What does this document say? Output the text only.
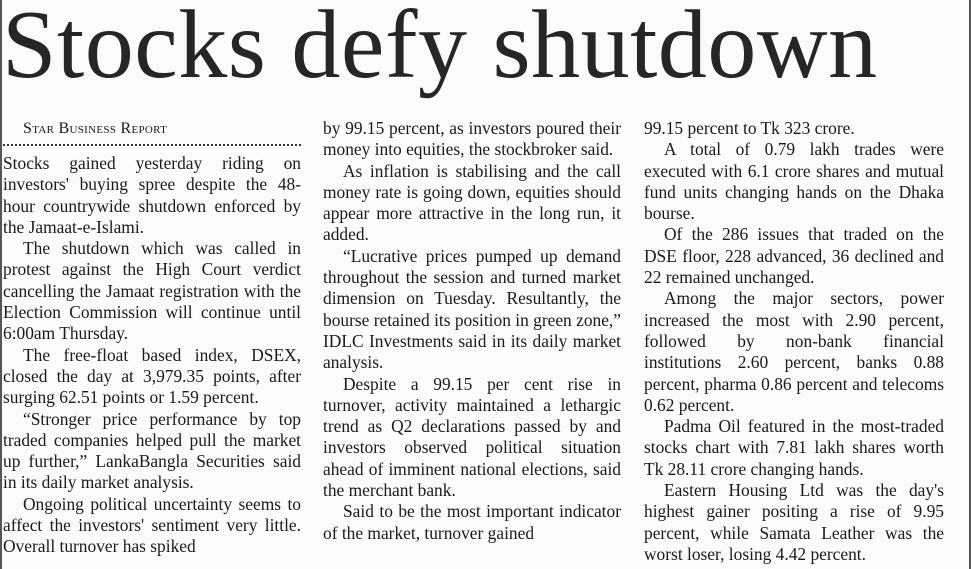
Stocks defy shutdown

Star Business Report

Stocks gained yesterday riding on investors' buying spree despite the 48-hour countrywide shutdown enforced by the Jamaat-e-Islami.

The shutdown which was called in protest against the High Court verdict cancelling the Jamaat registration with the Election Commission will continue until 6:00am Thursday.

The free-float based index, DSEX, closed the day at 3,979.35 points, after surging 62.51 points or 1.59 percent.

“Stronger price performance by top traded companies helped pull the market up further,” LankaBangla Securities said in its daily market analysis.

Ongoing political uncertainty seems to affect the investors' sentiment very little. Overall turnover has spiked

by 99.15 percent, as investors poured their money into equities, the stockbroker said.

As inflation is stabilising and the call money rate is going down, equities should appear more attractive in the long run, it added.

“Lucrative prices pumped up demand throughout the session and turned market dimension on Tuesday. Resultantly, the bourse retained its position in green zone,” IDLC Investments said in its daily market analysis.

Despite a 99.15 per cent rise in turnover, activity maintained a lethargic trend as Q2 declarations passed by and investors observed political situation ahead of imminent national elections, said the merchant bank.

Said to be the most important indicator of the market, turnover gained

99.15 percent to Tk 323 crore.

A total of 0.79 lakh trades were executed with 6.1 crore shares and mutual fund units changing hands on the Dhaka bourse.

Of the 286 issues that traded on the DSE floor, 228 advanced, 36 declined and 22 remained unchanged.

Among the major sectors, power increased the most with 2.90 percent, followed by non-bank financial institutions 2.60 percent, banks 0.88 percent, pharma 0.86 percent and telecoms 0.62 percent.

Padma Oil featured in the most-traded stocks chart with 7.81 lakh shares worth Tk 28.11 crore changing hands.

Eastern Housing Ltd was the day's highest gainer positing a rise of 9.95 percent, while Samata Leather was the worst loser, losing 4.42 percent.
